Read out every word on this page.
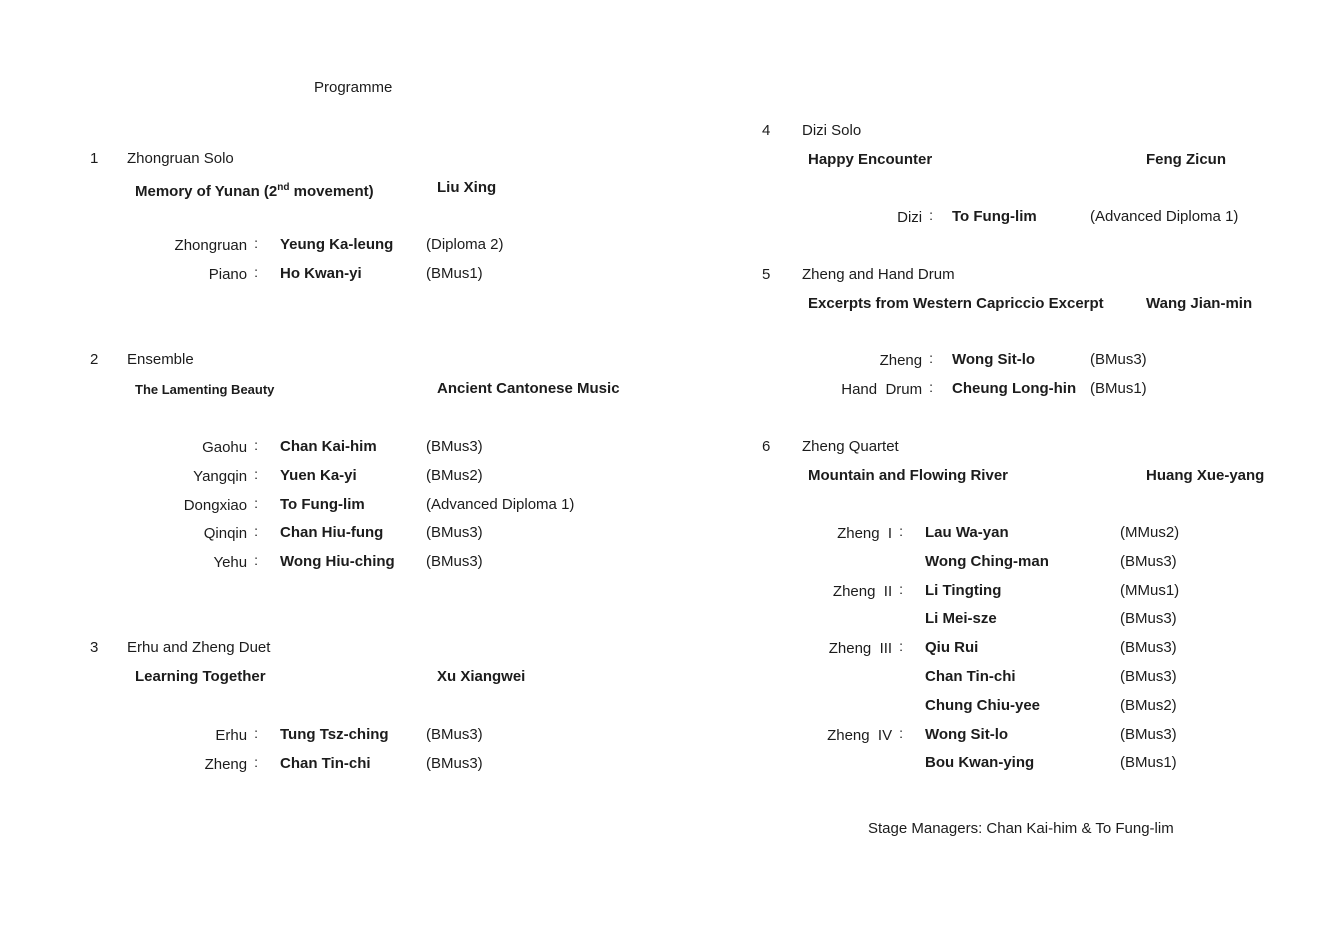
Programme
1 Zhongruan Solo
Memory of Yunan (2nd movement)	Liu Xing
Zhongruan : Yeung Ka-leung (Diploma 2)
Piano : Ho Kwan-yi	(BMus1)
2 Ensemble
The Lamenting Beauty	Ancient Cantonese Music
Gaohu : Chan Kai-him	(BMus3)
Yangqin : Yuen Ka-yi	(BMus2)
Dongxiao : To Fung-lim	(Advanced Diploma 1)
Qinqin : Chan Hiu-fung	(BMus3)
Yehu : Wong Hiu-ching (BMus3)
3 Erhu and Zheng Duet
Learning Together	Xu Xiangwei
Erhu : Tung Tsz-ching (BMus3)
Zheng : Chan Tin-chi	(BMus3)
4 Dizi Solo
Happy Encounter	Feng Zicun
Dizi : To Fung-lim	(Advanced Diploma 1)
5 Zheng and Hand Drum
Excerpts from Western Capriccio Excerpt	Wang Jian-min
Zheng : Wong Sit-lo	(BMus3)
Hand  Drum : Cheung Long-hin (BMus1)
6 Zheng Quartet
Mountain and Flowing River	Huang Xue-yang
Zheng  I : Lau Wa-yan	(MMus2)
Wong Ching-man	(BMus3)
Zheng  II : Li Tingting	(MMus1)
Li Mei-sze	(BMus3)
Zheng  III : Qiu Rui	(BMus3)
Chan Tin-chi	(BMus3)
Chung Chiu-yee	(BMus2)
Zheng  IV : Wong Sit-lo	(BMus3)
Bou Kwan-ying	(BMus1)
Stage Managers: Chan Kai-him & To Fung-lim
